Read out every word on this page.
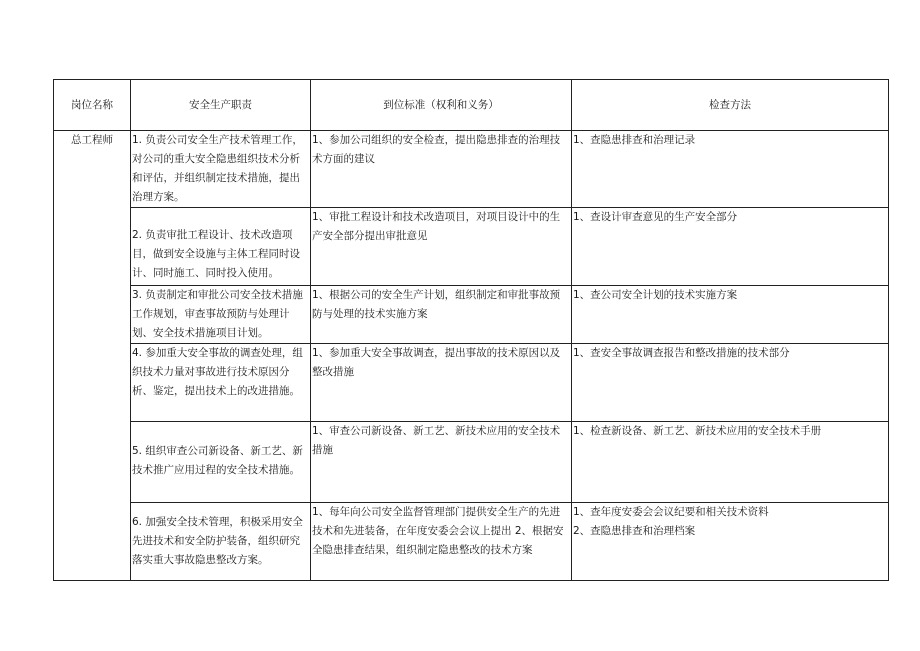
岗位名称	安全生产职责	到位标准（权利和义务）	检查方法
总工程师	1. 负责公司安全生产技术管理工作，对公司的重大安全隐患组织技术分析和评估，并组织制定技术措施，提出治理方案。	1、参加公司组织的安全检查，提出隐患排查的治理技术方面的建议	1、查隐患排查和治理记录

	2. 负责审批工程设计、技术改造项目，做到安全设施与主体工程同时设计、同时施工、同时投入使用。	1、审批工程设计和技术改造项目，对项目设计中的生产安全部分提出审批意见	1、查设计审查意见的生产安全部分

	3. 负责制定和审批公司安全技术措施工作规划，审查事故预防与处理计划、安全技术措施项目计划。	1、根据公司的安全生产计划，组织制定和审批事故预防与处理的技术实施方案	1、查公司安全计划的技术实施方案

	4. 参加重大安全事故的调查处理，组织技术力量对事故进行技术原因分析、鉴定，提出技术上的改进措施。	1、参加重大安全事故调查，提出事故的技术原因以及整改措施	1、查安全事故调查报告和整改措施的技术部分

	5. 组织审查公司新设备、新工艺、新技术推广应用过程的安全技术措施。	1、审查公司新设备、新工艺、新技术应用的安全技术措施	1、检查新设备、新工艺、新技术应用的安全技术手册

	6. 加强安全技术管理，积极采用安全先进技术和安全防护装备，组织研究落实重大事故隐患整改方案。	1、每年向公司安全监督管理部门提供安全生产的先进技术和先进装备，在年度安委会会议上提出 2、根据安全隐患排查结果，组织制定隐患整改的技术方案	1、查年度安委会会议纪要和相关技术资料
2、查隐患排查和治理档案
